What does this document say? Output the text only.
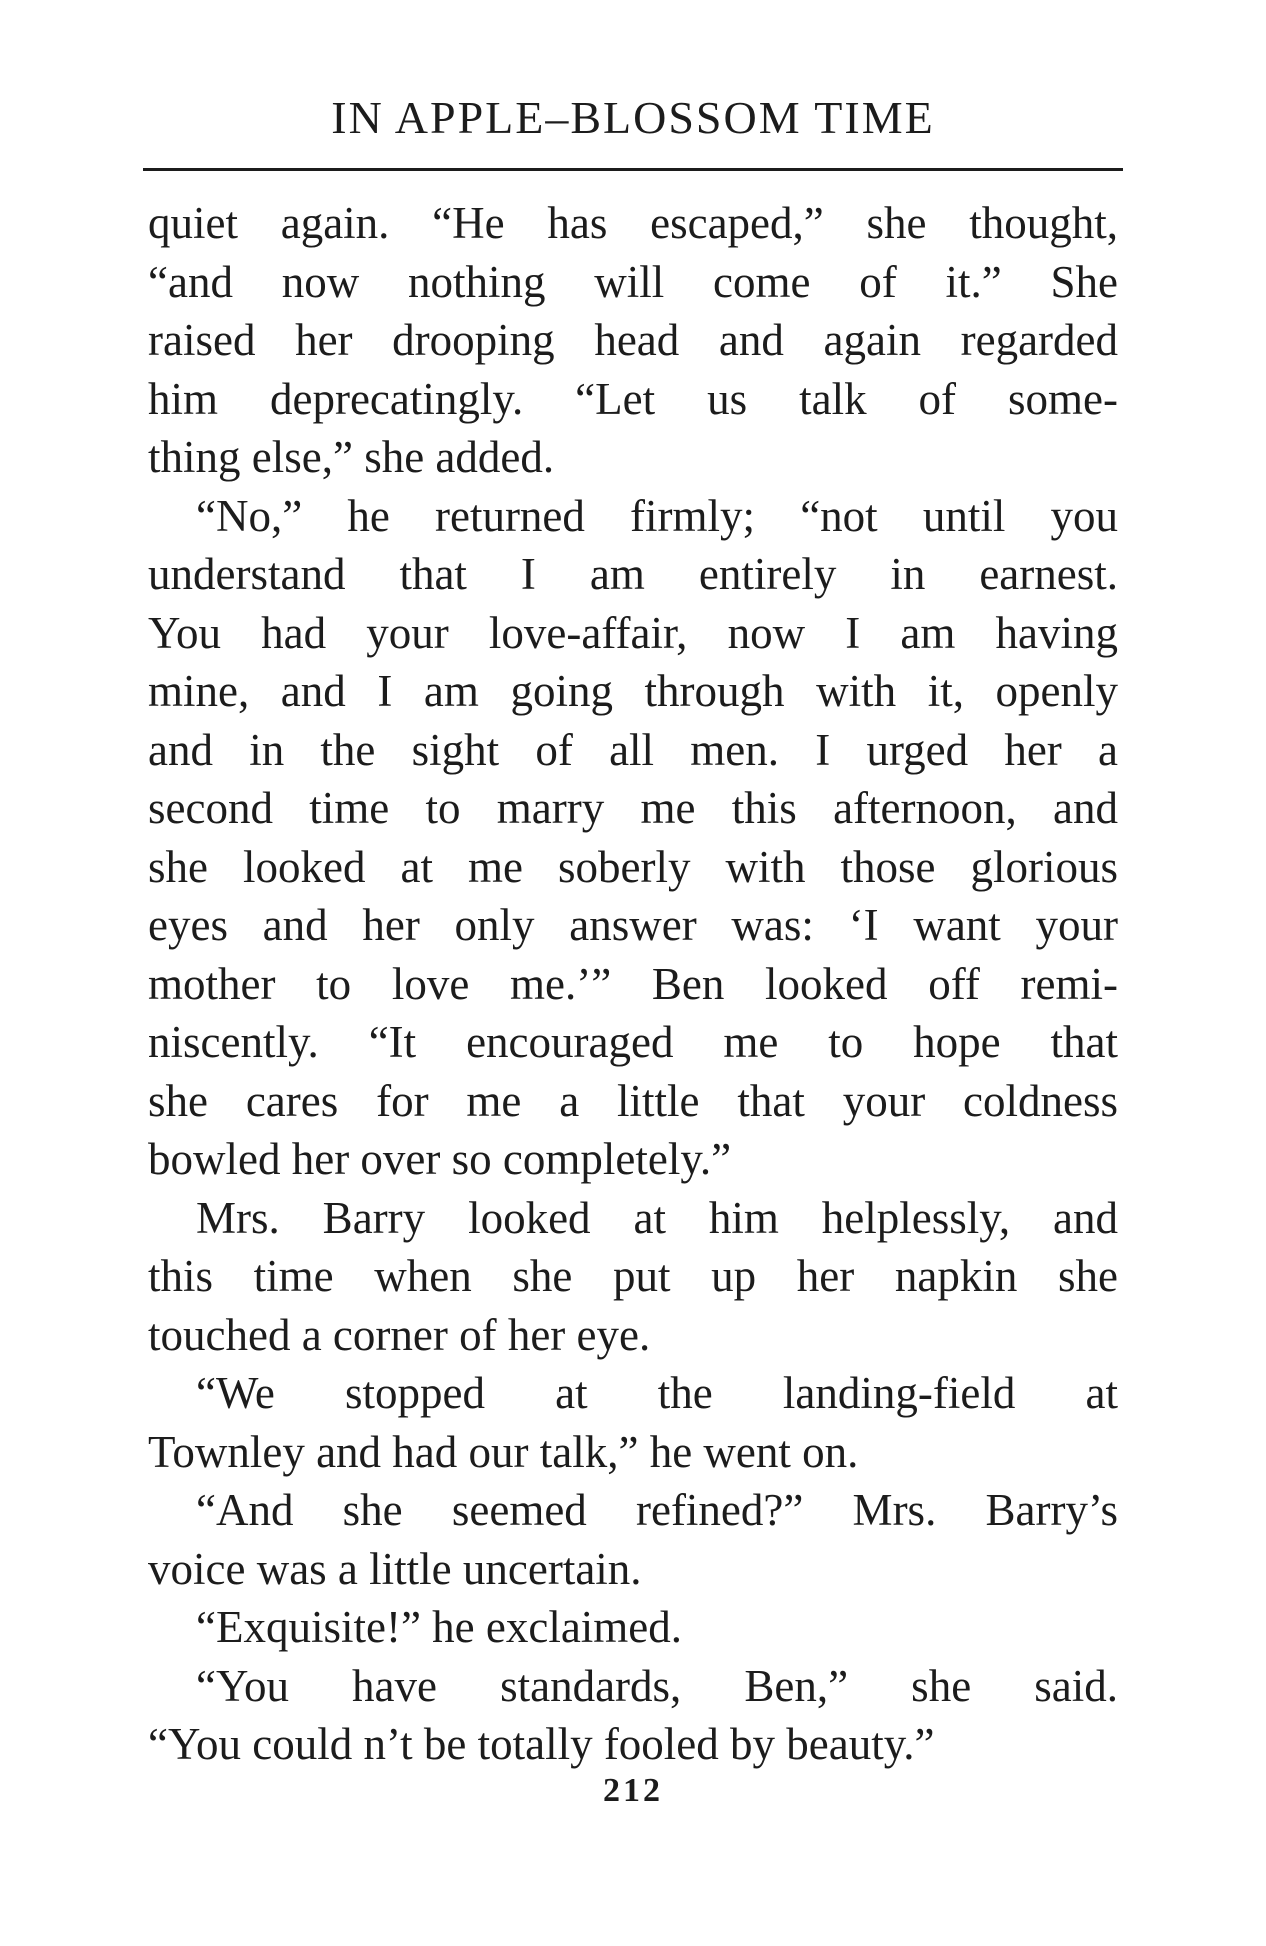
IN APPLE–BLOSSOM TIME
quiet again. “He has escaped,” she thought,
“and now nothing will come of it.” She
raised her drooping head and again regarded
him deprecatingly. “Let us talk of some-
thing else,” she added.
“No,” he returned firmly; “not until you
understand that I am entirely in earnest.
You had your love-affair, now I am having
mine, and I am going through with it, openly
and in the sight of all men. I urged her a
second time to marry me this afternoon, and
she looked at me soberly with those glorious
eyes and her only answer was: ‘I want your
mother to love me.’” Ben looked off remi-
niscently. “It encouraged me to hope that
she cares for me a little that your coldness
bowled her over so completely.”
Mrs. Barry looked at him helplessly, and
this time when she put up her napkin she
touched a corner of her eye.
“We stopped at the landing-field at
Townley and had our talk,” he went on.
“And she seemed refined?” Mrs. Barry’s
voice was a little uncertain.
“Exquisite!” he exclaimed.
“You have standards, Ben,” she said.
“You could n’t be totally fooled by beauty.”
212
